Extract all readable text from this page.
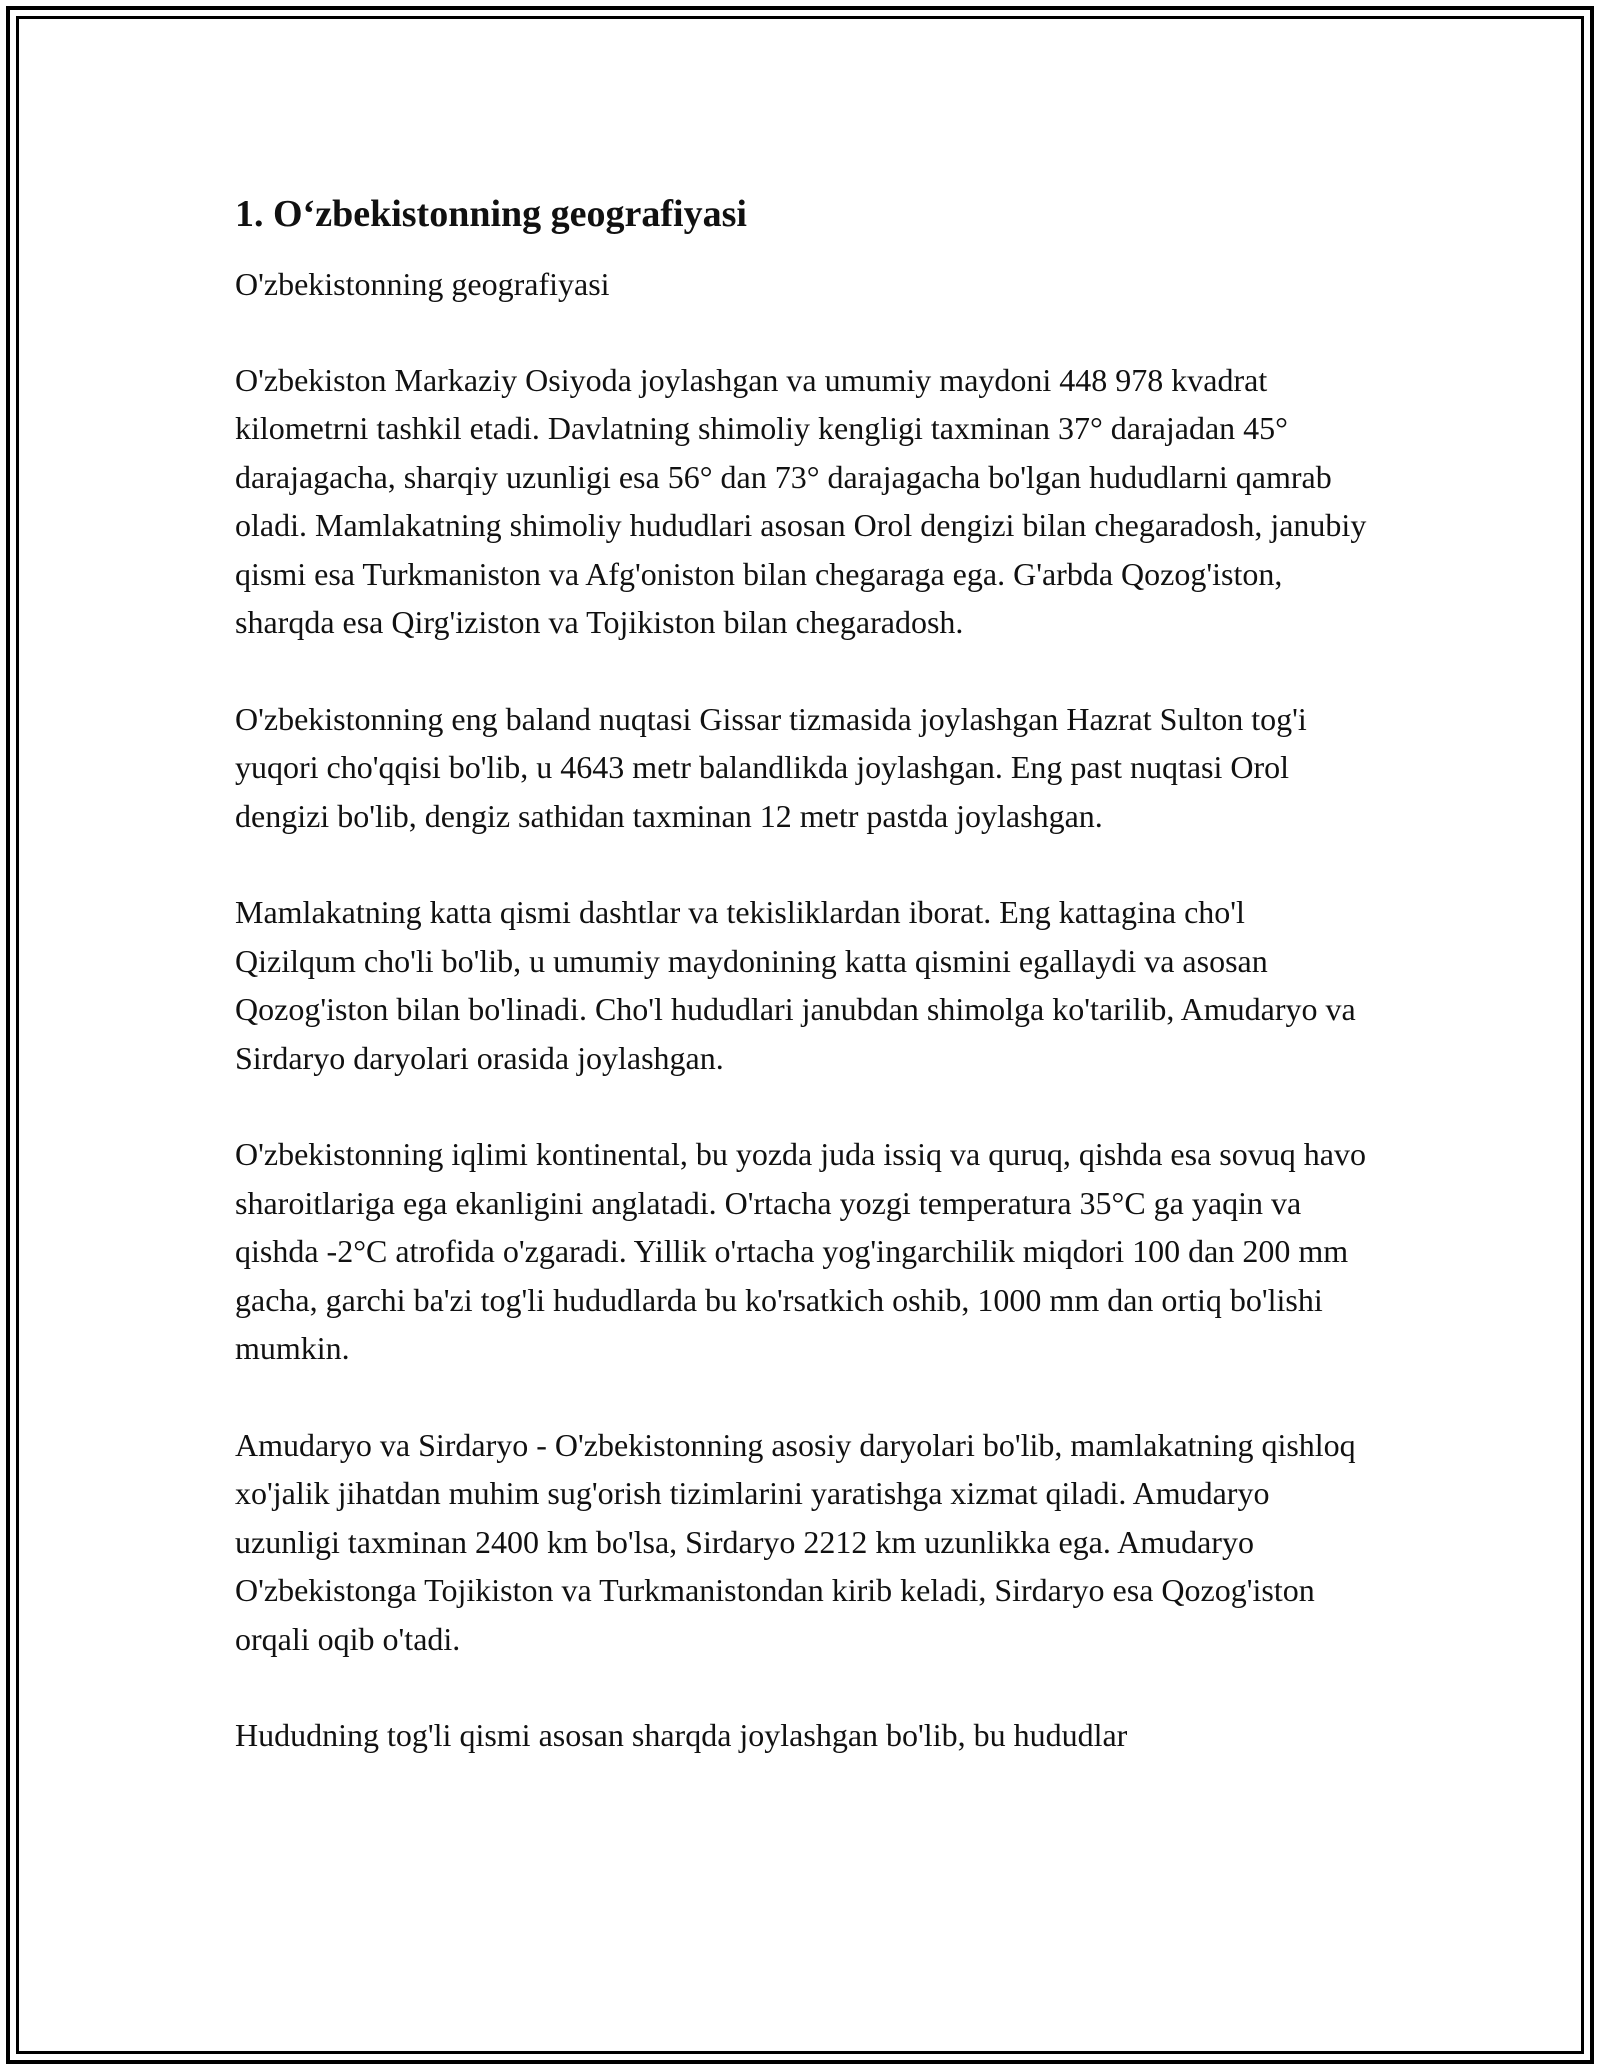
1. O‘zbekistonning geografiyasi
O'zbekistonning geografiyasi
O'zbekiston Markaziy Osiyoda joylashgan va umumiy maydoni 448 978 kvadrat kilometrni tashkil etadi. Davlatning shimoliy kengligi taxminan 37° darajadan 45° darajagacha, sharqiy uzunligi esa 56° dan 73° darajagacha bo'lgan hududlarni qamrab oladi. Mamlakatning shimoliy hududlari asosan Orol dengizi bilan chegaradosh, janubiy qismi esa Turkmaniston va Afg'oniston bilan chegaraga ega. G'arbda Qozog'iston, sharqda esa Qirg'iziston va Tojikiston bilan chegaradosh.
O'zbekistonning eng baland nuqtasi Gissar tizmasida joylashgan Hazrat Sulton tog'i yuqori cho'qqisi bo'lib, u 4643 metr balandlikda joylashgan. Eng past nuqtasi Orol dengizi bo'lib, dengiz sathidan taxminan 12 metr pastda joylashgan.
Mamlakatning katta qismi dashtlar va tekisliklardan iborat. Eng kattagina cho'l Qizilqum cho'li bo'lib, u umumiy maydonining katta qismini egallaydi va asosan Qozog'iston bilan bo'linadi. Cho'l hududlari janubdan shimolga ko'tarilib, Amudaryo va Sirdaryo daryolari orasida joylashgan.
O'zbekistonning iqlimi kontinental, bu yozda juda issiq va quruq, qishda esa sovuq havo sharoitlariga ega ekanligini anglatadi. O'rtacha yozgi temperatura 35°C ga yaqin va qishda -2°C atrofida o'zgaradi. Yillik o'rtacha yog'ingarchilik miqdori 100 dan 200 mm gacha, garchi ba'zi tog'li hududlarda bu ko'rsatkich oshib, 1000 mm dan ortiq bo'lishi mumkin.
Amudaryo va Sirdaryo - O'zbekistonning asosiy daryolari bo'lib, mamlakatning qishloq xo'jalik jihatdan muhim sug'orish tizimlarini yaratishga xizmat qiladi. Amudaryo uzunligi taxminan 2400 km bo'lsa, Sirdaryo 2212 km uzunlikka ega. Amudaryo O'zbekistonga Tojikiston va Turkmanistondan kirib keladi, Sirdaryo esa Qozog'iston orqali oqib o'tadi.
Hududning tog'li qismi asosan sharqda joylashgan bo'lib, bu hududlar
